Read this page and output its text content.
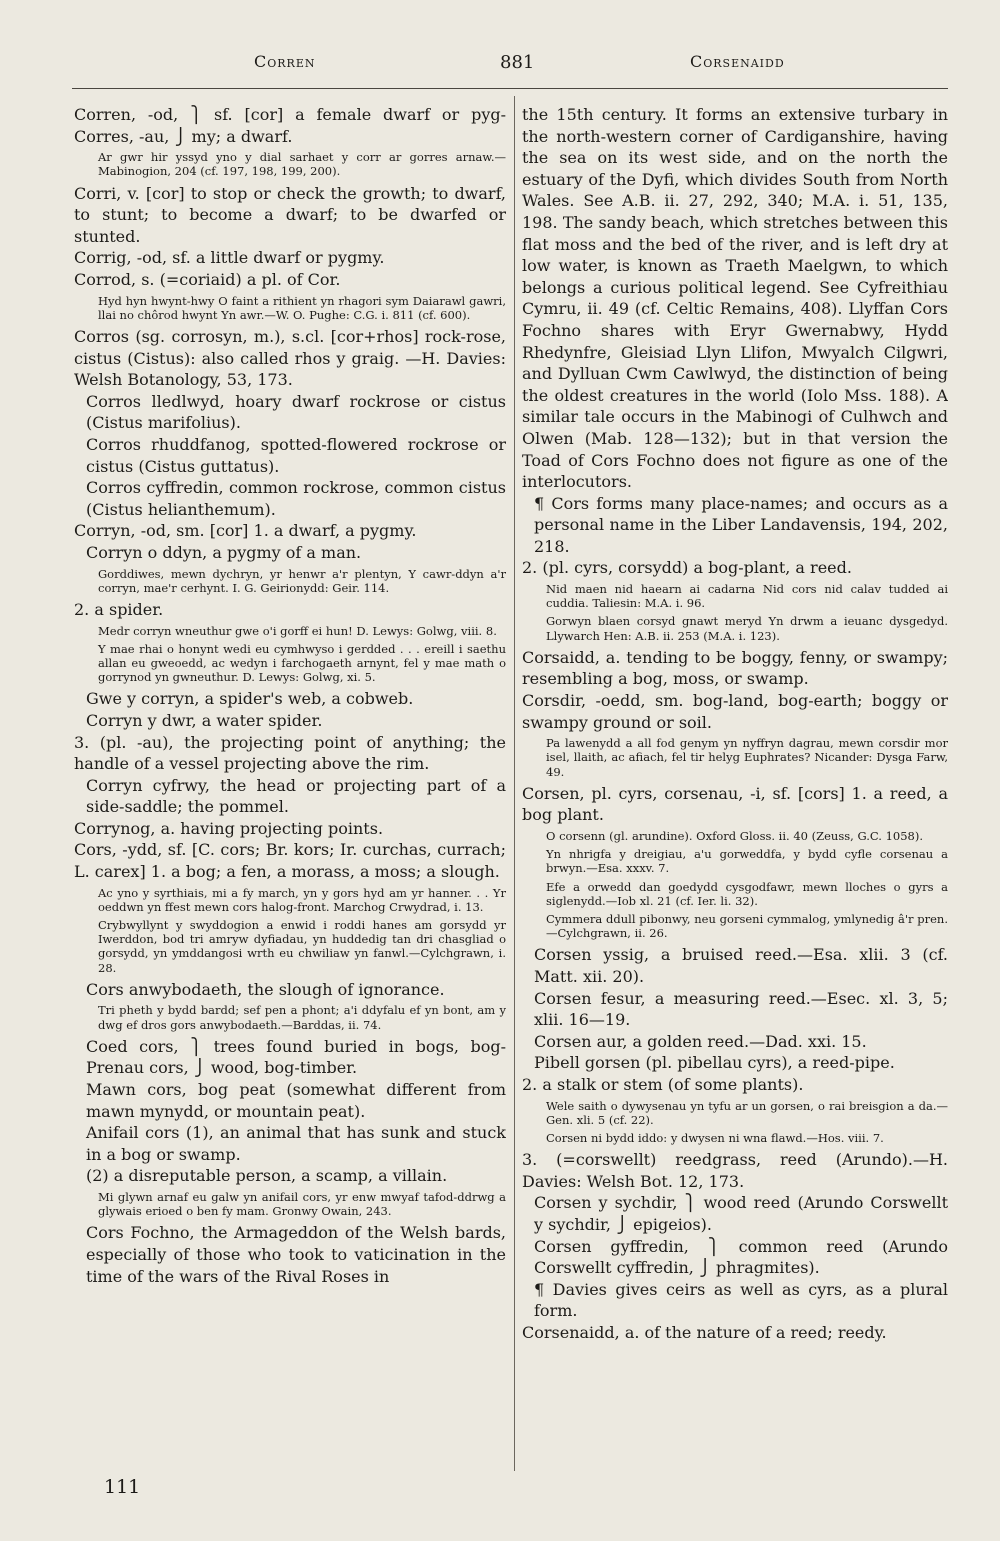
Corren	881	Corsenaidd

Corren, -od, ⎫ sf. [cor] a female dwarf or pyg- Corres, -au, ⎭ my; a dwarf.

Ar gwr hir yssyd yno y dial sarhaet y corr ar gorres arnaw.—Mabinogion, 204 (cf. 197, 198, 199, 200).

Corri, v. [cor] to stop or check the growth; to dwarf, to stunt; to become a dwarf; to be dwarfed or stunted.

Corrig, -od, sf. a little dwarf or pygmy.

Corrod, s. (=coriaid) a pl. of Cor.

Hyd hyn hwynt-hwy O faint a rithient yn rhagori sym Daiarawl gawri, llai no chôrod hwynt Yn awr.—W. O. Pughe: C.G. i. 811 (cf. 600).

Corros (sg. corrosyn, m.), s.cl. [cor+rhos] rock-rose, cistus (Cistus): also called rhos y graig. —H. Davies: Welsh Botanology, 53, 173.

Corros lledlwyd, hoary dwarf rockrose or cistus (Cistus marifolius).

Corros rhuddfanog, spotted-flowered rockrose or cistus (Cistus guttatus).

Corros cyffredin, common rockrose, common cistus (Cistus helianthemum).

Corryn, -od, sm. [cor] 1. a dwarf, a pygmy.

Corryn o ddyn, a pygmy of a man.

Gorddiwes, mewn dychryn, yr henwr a'r plentyn, Y cawr-ddyn a'r corryn, mae'r cerhynt. I. G. Geirionydd: Geir. 114.

2. a spider.

Medr corryn wneuthur gwe o'i gorff ei hun! D. Lewys: Golwg, viii. 8.

Y mae rhai o honynt wedi eu cymhwyso i gerdded . . . ereill i saethu allan eu gweoedd, ac wedyn i farchogaeth arnynt, fel y mae math o gorrynod yn gwneuthur. D. Lewys: Golwg, xi. 5.

Gwe y corryn, a spider's web, a cobweb.

Corryn y dwr, a water spider.

3. (pl. -au), the projecting point of anything; the handle of a vessel projecting above the rim.

Corryn cyfrwy, the head or projecting part of a side-saddle; the pommel.

Corrynog, a. having projecting points.

Cors, -ydd, sf. [C. cors; Br. kors; Ir. curchas, currach; L. carex] 1. a bog; a fen, a morass, a moss; a slough.

Ac yno y syrthiais, mi a fy march, yn y gors hyd am yr hanner. . . Yr oeddwn yn ffest mewn cors halog-front. Marchog Crwydrad, i. 13.

Crybwyllynt y swyddogion a enwid i roddi hanes am gorsydd yr Iwerddon, bod tri amryw dyfiadau, yn huddedig tan dri chasgliad o gorsydd, yn ymddangosi wrth eu chwiliaw yn fanwl.—Cylchgrawn, i. 28.

Cors anwybodaeth, the slough of ignorance.

Tri pheth y bydd bardd; sef pen a phont; a'i ddyfalu ef yn bont, am y dwg ef dros gors anwybodaeth.—Barddas, ii. 74.

Coed cors, ⎫ trees found buried in bogs, bog- Prenau cors, ⎭ wood, bog-timber.

Mawn cors, bog peat (somewhat different from mawn mynydd, or mountain peat).

Anifail cors (1), an animal that has sunk and stuck in a bog or swamp.

(2) a disreputable person, a scamp, a villain.

Mi glywn arnaf eu galw yn anifail cors, yr enw mwyaf tafod-ddrwg a glywais erioed o ben fy mam. Gronwy Owain, 243.

Cors Fochno, the Armageddon of the Welsh bards, especially of those who took to vaticination in the time of the wars of the Rival Roses in

the 15th century. It forms an extensive turbary in the north-western corner of Cardiganshire, having the sea on its west side, and on the north the estuary of the Dyfi, which divides South from North Wales. See A.B. ii. 27, 292, 340; M.A. i. 51, 135, 198. The sandy beach, which stretches between this flat moss and the bed of the river, and is left dry at low water, is known as Traeth Maelgwn, to which belongs a curious political legend. See Cyfreithiau Cymru, ii. 49 (cf. Celtic Remains, 408). Llyffan Cors Fochno shares with Eryr Gwernabwy, Hydd Rhedynfre, Gleisiad Llyn Llifon, Mwyalch Cilgwri, and Dylluan Cwm Cawlwyd, the distinction of being the oldest creatures in the world (Iolo Mss. 188). A similar tale occurs in the Mabinogi of Culhwch and Olwen (Mab. 128—132); but in that version the Toad of Cors Fochno does not figure as one of the interlocutors.

¶ Cors forms many place-names; and occurs as a personal name in the Liber Landavensis, 194, 202, 218.

2. (pl. cyrs, corsydd) a bog-plant, a reed.

Nid maen nid haearn ai cadarna Nid cors nid calav tudded ai cuddia. Taliesin: M.A. i. 96.

Gorwyn blaen corsyd gnawt meryd Yn drwm a ieuanc dysgedyd. Llywarch Hen: A.B. ii. 253 (M.A. i. 123).

Corsaidd, a. tending to be boggy, fenny, or swampy; resembling a bog, moss, or swamp.

Corsdir, -oedd, sm. bog-land, bog-earth; boggy or swampy ground or soil.

Pa lawenydd a all fod genym yn nyffryn dagrau, mewn corsdir mor isel, llaith, ac afiach, fel tir helyg Euphrates? Nicander: Dysga Farw, 49.

Corsen, pl. cyrs, corsenau, -i, sf. [cors] 1. a reed, a bog plant.

O corsenn (gl. arundine). Oxford Gloss. ii. 40 (Zeuss, G.C. 1058).

Yn nhrigfa y dreigiau, a'u gorweddfa, y bydd cyfle corsenau a brwyn.—Esa. xxxv. 7.

Efe a orwedd dan goedydd cysgodfawr, mewn lloches o gyrs a siglenydd.—Iob xl. 21 (cf. Ier. li. 32).

Cymmera ddull pibonwy, neu gorseni cymmalog, ymlynedig â'r pren.—Cylchgrawn, ii. 26.

Corsen yssig, a bruised reed.—Esa. xlii. 3 (cf. Matt. xii. 20).

Corsen fesur, a measuring reed.—Esec. xl. 3, 5; xlii. 16—19.

Corsen aur, a golden reed.—Dad. xxi. 15.

Pibell gorsen (pl. pibellau cyrs), a reed-pipe.

2. a stalk or stem (of some plants).

Wele saith o dywysenau yn tyfu ar un gorsen, o rai breisgion a da.—Gen. xli. 5 (cf. 22).

Corsen ni bydd iddo: y dwysen ni wna flawd.—Hos. viii. 7.

3. (=corswellt) reedgrass, reed (Arundo).—H. Davies: Welsh Bot. 12, 173.

Corsen y sychdir, ⎫ wood reed (Arundo Corswellt y sychdir, ⎭ epigeios).

Corsen gyffredin, ⎫ common reed (Arundo Corswellt cyffredin, ⎭ phragmites).

¶ Davies gives ceirs as well as cyrs, as a plural form.

Corsenaidd, a. of the nature of a reed; reedy.

111
